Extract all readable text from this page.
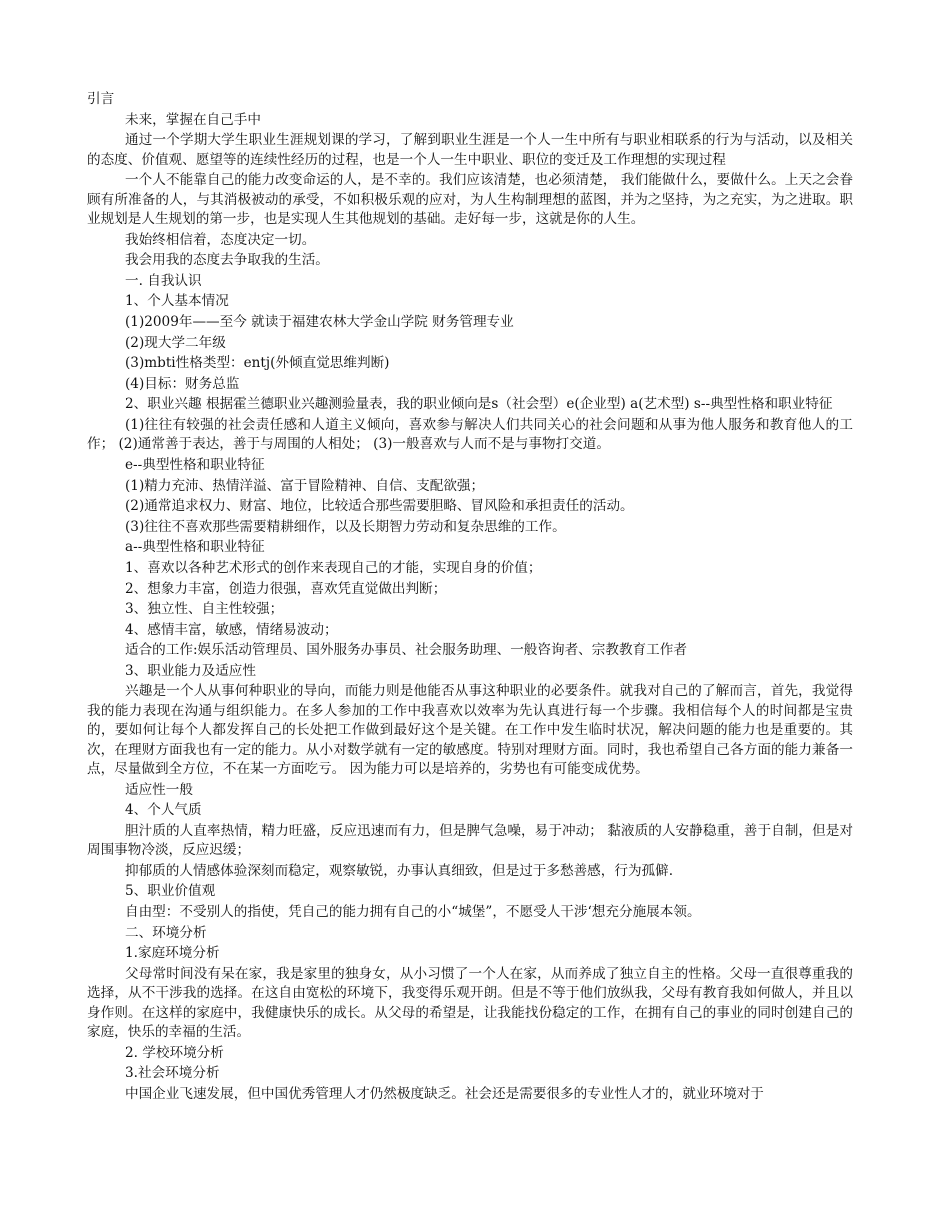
引言

未来，掌握在自己手中

通过一个学期大学生职业生涯规划课的学习，了解到职业生涯是一个人一生中所有与职业相联系的行为与活动，以及相关的态度、价值观、愿望等的连续性经历的过程，也是一个人一生中职业、职位的变迁及工作理想的实现过程

一个人不能靠自己的能力改变命运的人，是不幸的。我们应该清楚，也必须清楚， 我们能做什么，要做什么。上天之会眷顾有所准备的人，与其消极被动的承受，不如积极乐观的应对，为人生构制理想的蓝图，并为之坚持，为之充实，为之进取。职业规划是人生规划的第一步，也是实现人生其他规划的基础。走好每一步，这就是你的人生。

我始终相信着，态度决定一切。

我会用我的态度去争取我的生活。

一. 自我认识

1、个人基本情况

(1)2009年——至今 就读于福建农林大学金山学院 财务管理专业

(2)现大学二年级

(3)mbti性格类型：entj(外倾直觉思维判断)

(4)目标：财务总监

2、职业兴趣 根据霍兰德职业兴趣测验量表，我的职业倾向是s（社会型）e(企业型) a(艺术型) s--典型性格和职业特征

(1)往往有较强的社会责任感和人道主义倾向，喜欢参与解决人们共同关心的社会问题和从事为他人服务和教育他人的工作； (2)通常善于表达，善于与周围的人相处； (3)一般喜欢与人而不是与事物打交道。

e--典型性格和职业特征

(1)精力充沛、热情洋溢、富于冒险精神、自信、支配欲强；

(2)通常追求权力、财富、地位，比较适合那些需要胆略、冒风险和承担责任的活动。

(3)往往不喜欢那些需要精耕细作，以及长期智力劳动和复杂思维的工作。

a--典型性格和职业特征

1、喜欢以各种艺术形式的创作来表现自己的才能，实现自身的价值；

2、想象力丰富，创造力很强，喜欢凭直觉做出判断；

3、独立性、自主性较强；

4、感情丰富，敏感，情绪易波动；

适合的工作:娱乐活动管理员、国外服务办事员、社会服务助理、一般咨询者、宗教教育工作者

3、职业能力及适应性

兴趣是一个人从事何种职业的导向，而能力则是他能否从事这种职业的必要条件。就我对自己的了解而言，首先，我觉得我的能力表现在沟通与组织能力。在多人参加的工作中我喜欢以效率为先认真进行每一个步骤。我相信每个人的时间都是宝贵的，要如何让每个人都发挥自己的长处把工作做到最好这个是关键。在工作中发生临时状况，解决问题的能力也是重要的。其次，在理财方面我也有一定的能力。从小对数学就有一定的敏感度。特别对理财方面。同时，我也希望自己各方面的能力兼备一点，尽量做到全方位，不在某一方面吃亏。 因为能力可以是培养的，劣势也有可能变成优势。

适应性一般

4、个人气质

胆汁质的人直率热情，精力旺盛，反应迅速而有力，但是脾气急噪，易于冲动； 黏液质的人安静稳重，善于自制，但是对周围事物冷淡，反应迟缓；

抑郁质的人情感体验深刻而稳定，观察敏锐，办事认真细致，但是过于多愁善感，行为孤僻.

5、职业价值观

自由型：不受别人的指使，凭自己的能力拥有自己的小“城堡”，不愿受人干涉‘想充分施展本领。

二、环境分析

1.家庭环境分析

父母常时间没有呆在家，我是家里的独身女，从小习惯了一个人在家，从而养成了独立自主的性格。父母一直很尊重我的选择，从不干涉我的选择。在这自由宽松的环境下，我变得乐观开朗。但是不等于他们放纵我，父母有教育我如何做人，并且以身作则。在这样的家庭中，我健康快乐的成长。从父母的希望是，让我能找份稳定的工作，在拥有自己的事业的同时创建自己的家庭，快乐的幸福的生活。

2. 学校环境分析

3.社会环境分析

中国企业飞速发展，但中国优秀管理人才仍然极度缺乏。社会还是需要很多的专业性人才的，就业环境对于
